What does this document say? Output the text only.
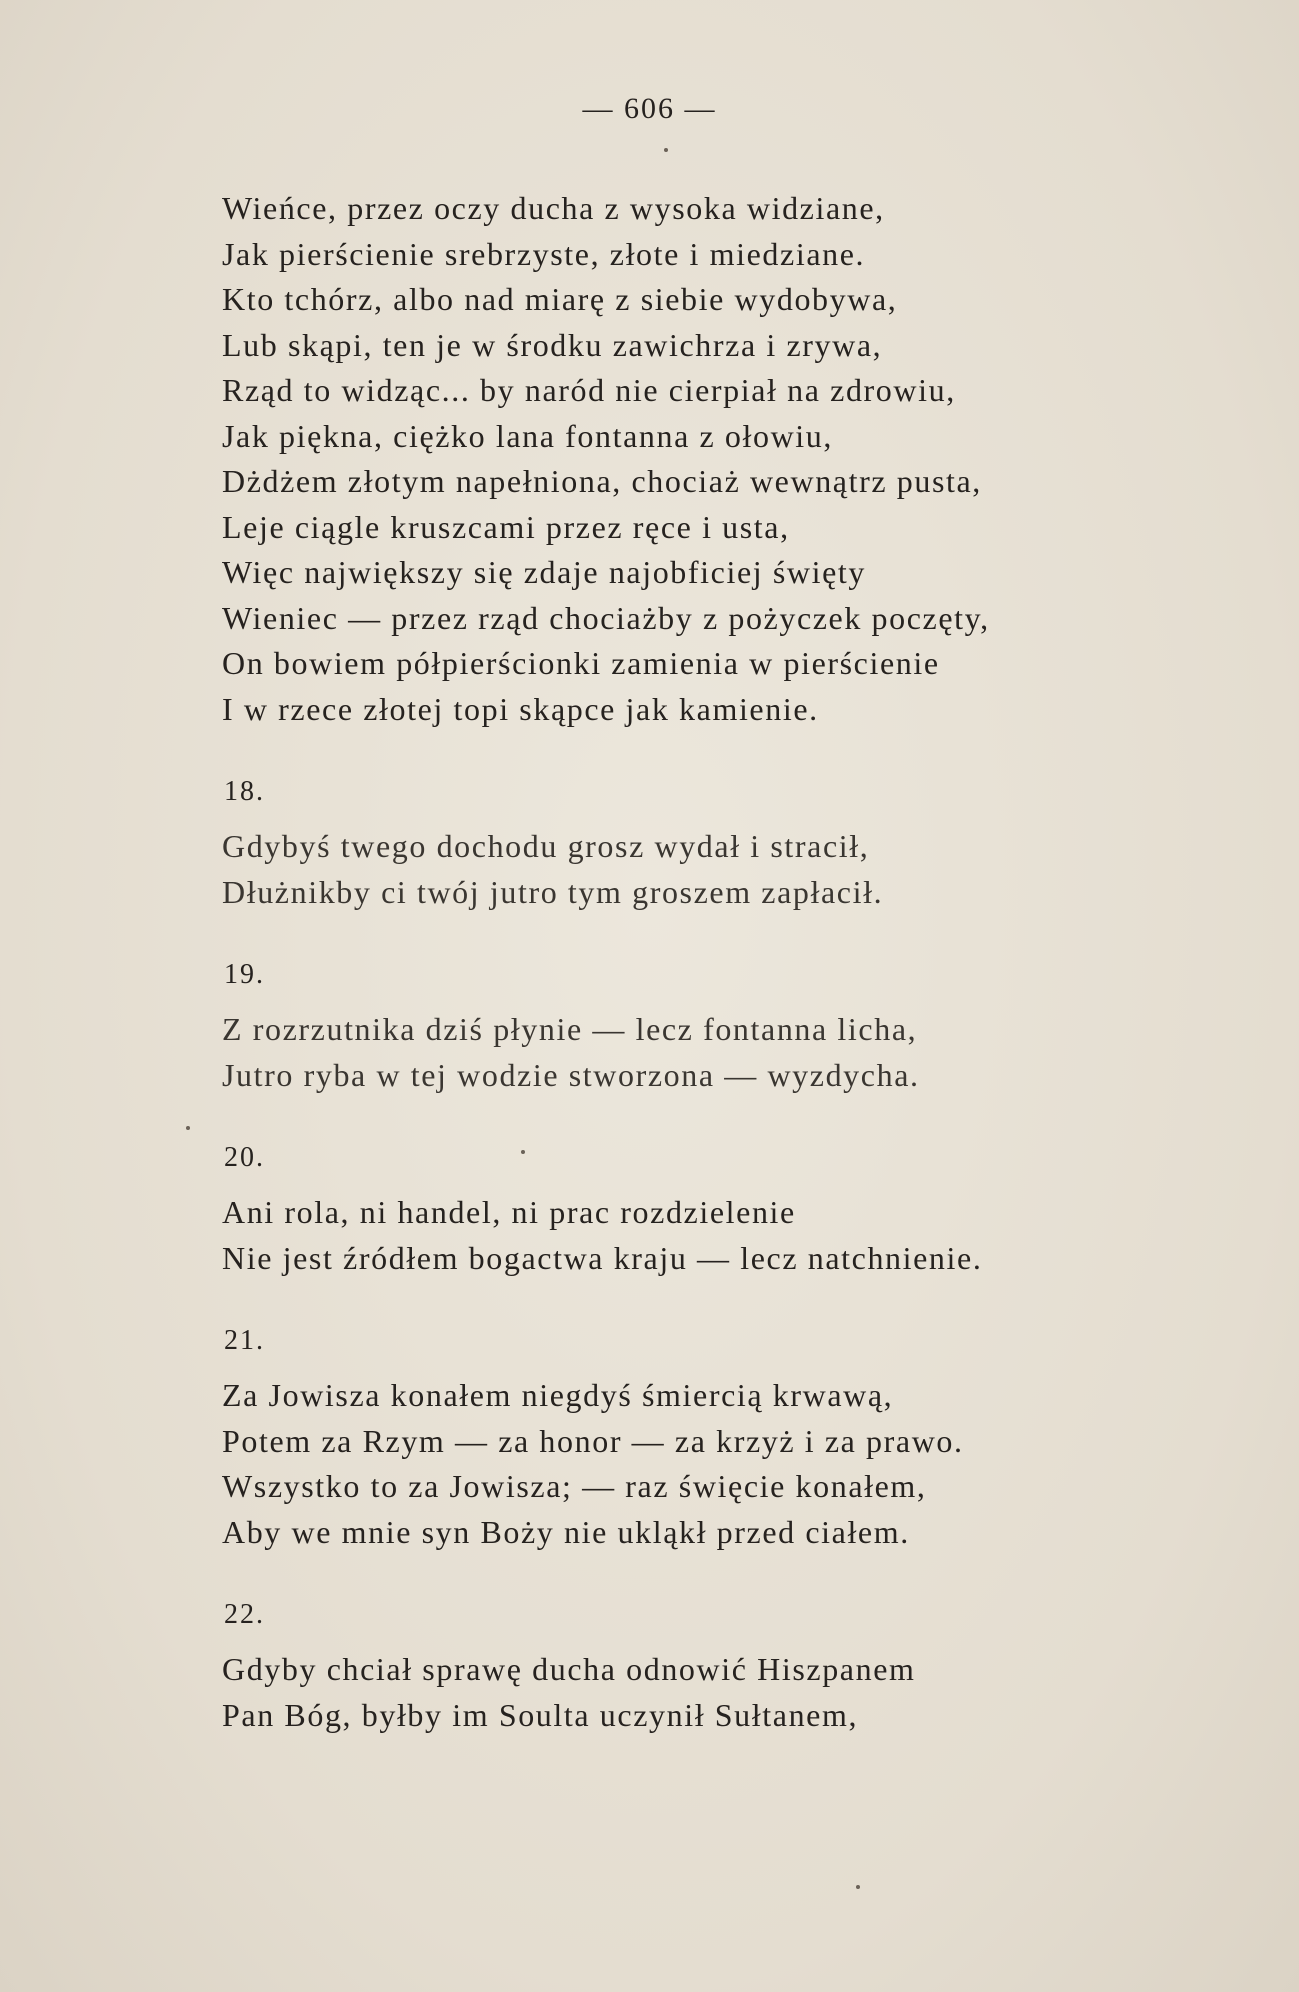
— 606 —
Wieńce, przez oczy ducha z wysoka widziane,
Jak pierścienie srebrzyste, złote i miedziane.
Kto tchórz, albo nad miarę z siebie wydobywa,
Lub skąpi, ten je w środku zawichrza i zrywa,
Rząd to widząc... by naród nie cierpiał na zdrowiu,
Jak piękna, ciężko lana fontanna z ołowiu,
Dżdżem złotym napełniona, chociaż wewnątrz pusta,
Leje ciągle kruszcami przez ręce i usta,
Więc największy się zdaje najobficiej święty
Wieniec — przez rząd chociażby z pożyczek poczęty,
On bowiem półpierścionki zamienia w pierścienie
I w rzece złotej topi skąpce jak kamienie.
18.
Gdybyś twego dochodu grosz wydał i stracił,
Dłużnikby ci twój jutro tym groszem zapłacił.
19.
Z rozrzutnika dziś płynie — lecz fontanna licha,
Jutro ryba w tej wodzie stworzona — wyzdycha.
20.
Ani rola, ni handel, ni prac rozdzielenie
Nie jest źródłem bogactwa kraju — lecz natchnienie.
21.
Za Jowisza konałem niegdyś śmiercią krwawą,
Potem za Rzym — za honor — za krzyż i za prawo.
Wszystko to za Jowisza; — raz święcie konałem,
Aby we mnie syn Boży nie ukląkł przed ciałem.
22.
Gdyby chciał sprawę ducha odnowić Hiszpanem
Pan Bóg, byłby im Soulta uczynił Sułtanem,
